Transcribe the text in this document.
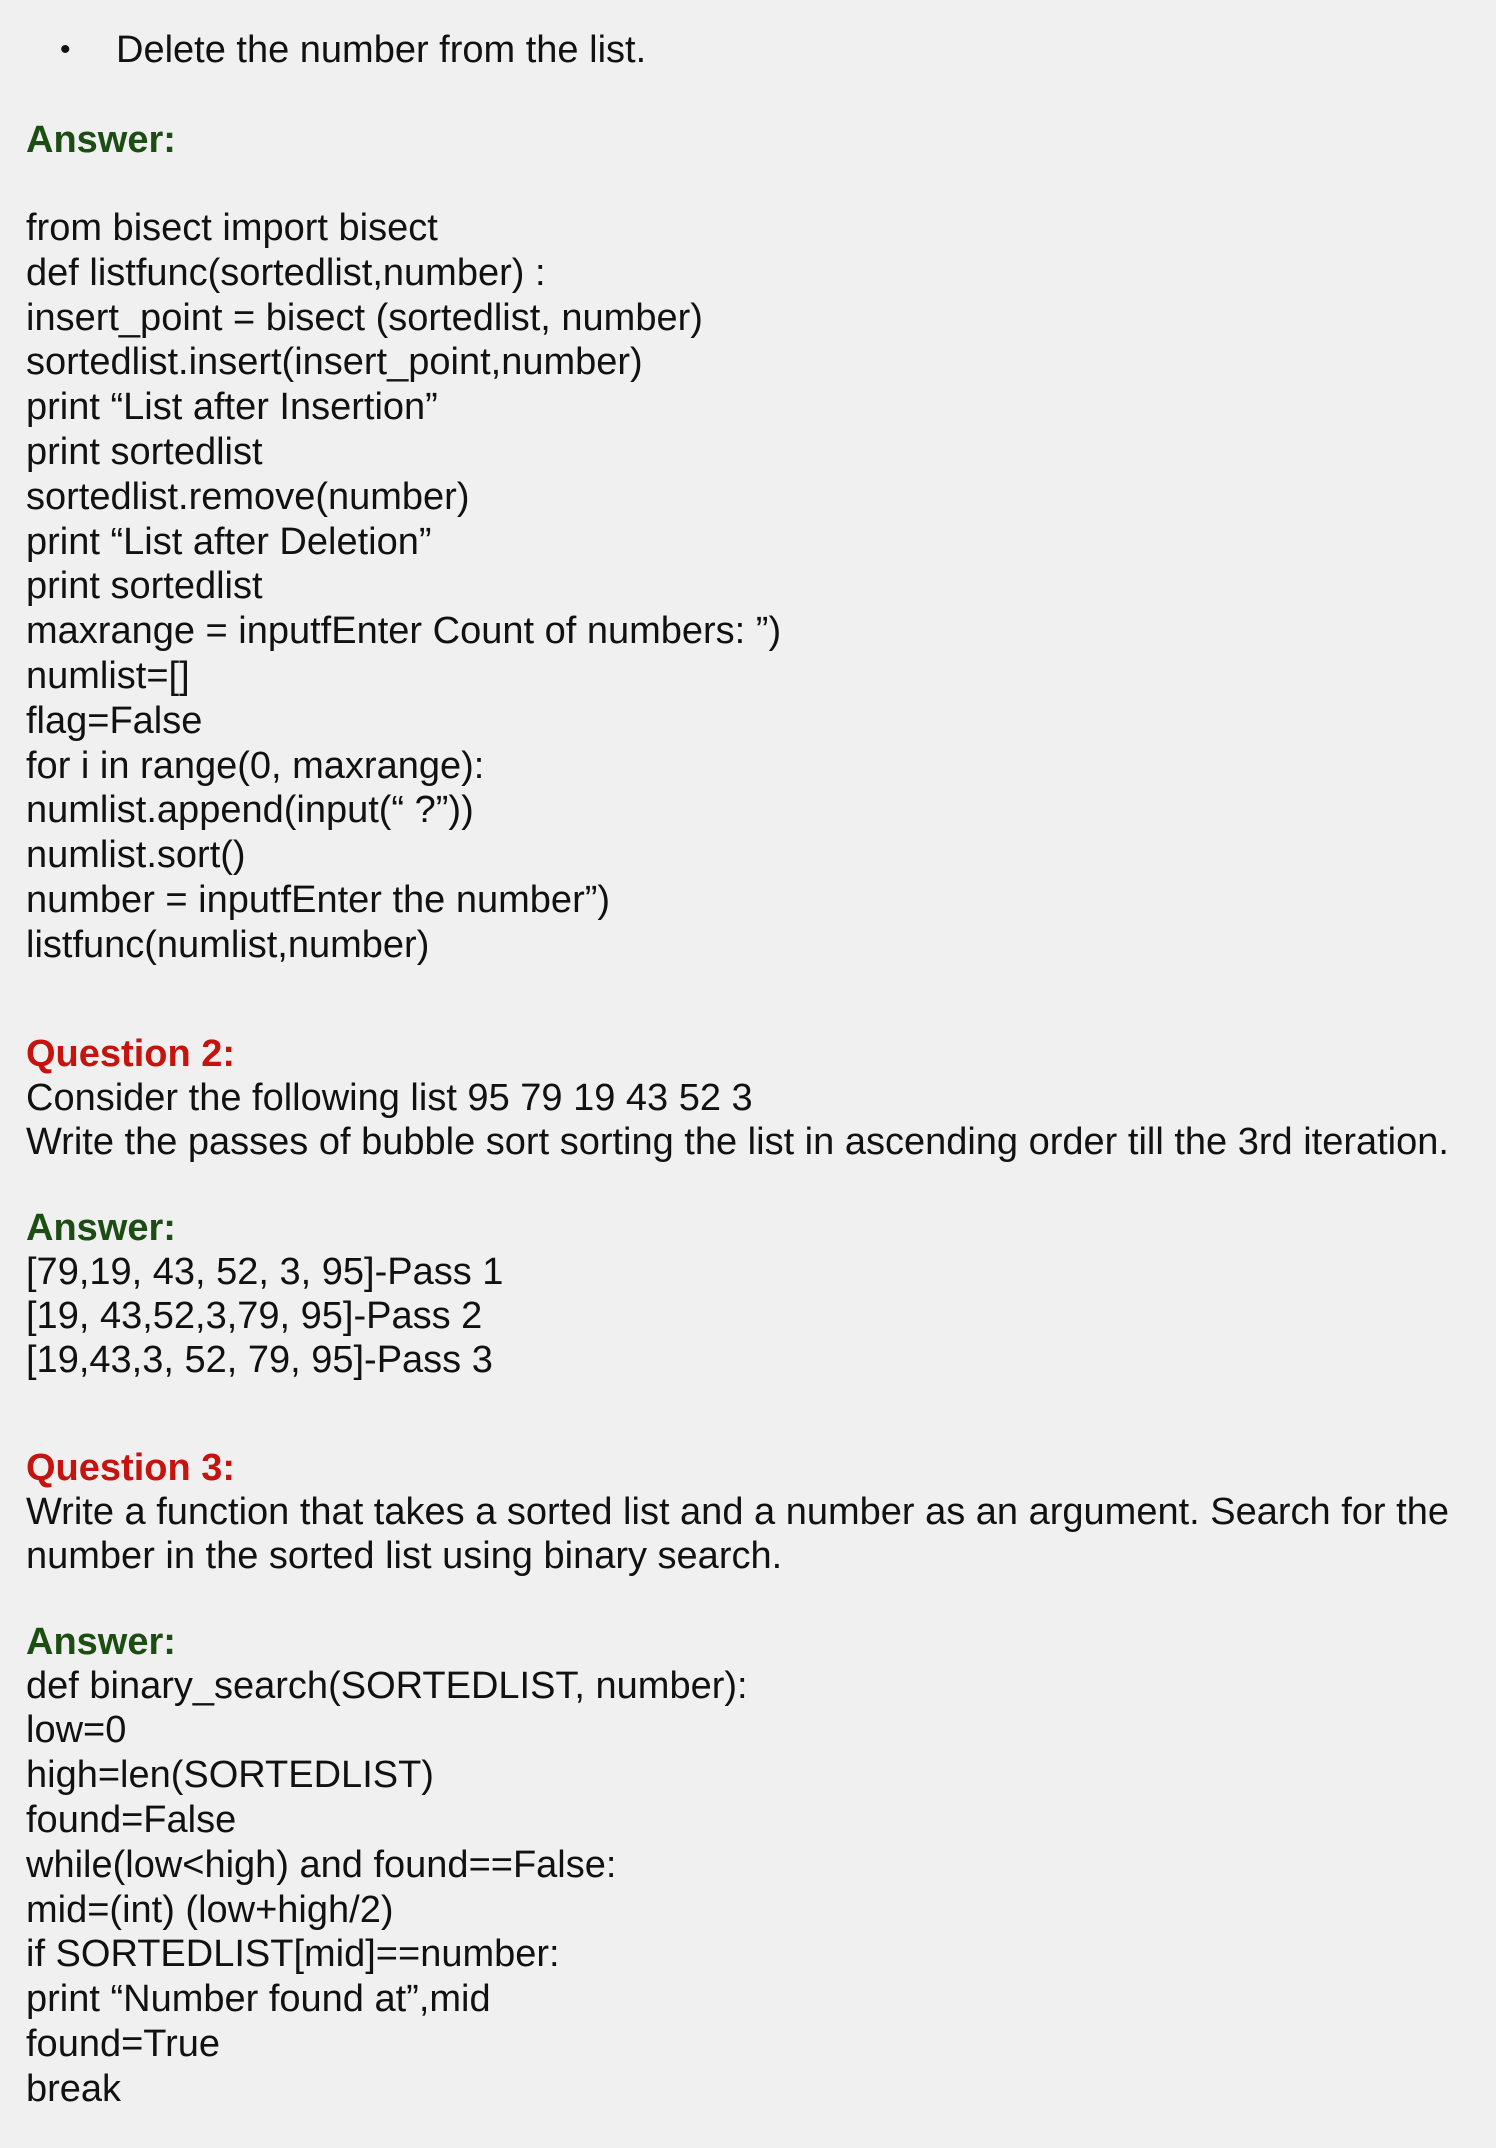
•	Delete the number from the list.
Answer:
from bisect import bisect
def listfunc(sortedlist,number) :
insert_point = bisect (sortedlist, number)
sortedlist.insert(insert_point,number)
print “List after Insertion”
print sortedlist
sortedlist.remove(number)
print “List after Deletion”
print sortedlist
maxrange = inputfEnter Count of numbers: ”)
numlist=[]
flag=False
for i in range(0, maxrange):
numlist.append(input(“ ?”))
numlist.sort()
number = inputfEnter the number”)
listfunc(numlist,number)
Question 2:
Consider the following list 95 79 19 43 52 3
Write the passes of bubble sort sorting the list in ascending order till the 3rd iteration.
Answer:
[79,19, 43, 52, 3, 95]-Pass 1
[19, 43,52,3,79, 95]-Pass 2
[19,43,3, 52, 79, 95]-Pass 3
Question 3:
Write a function that takes a sorted list and a number as an argument. Search for the
number in the sorted list using binary search.
Answer:
def binary_search(SORTEDLIST, number):
low=0
high=len(SORTEDLIST)
found=False
while(low<high) and found==False:
mid=(int) (low+high/2)
if SORTEDLIST[mid]==number:
print “Number found at”,mid
found=True
break
